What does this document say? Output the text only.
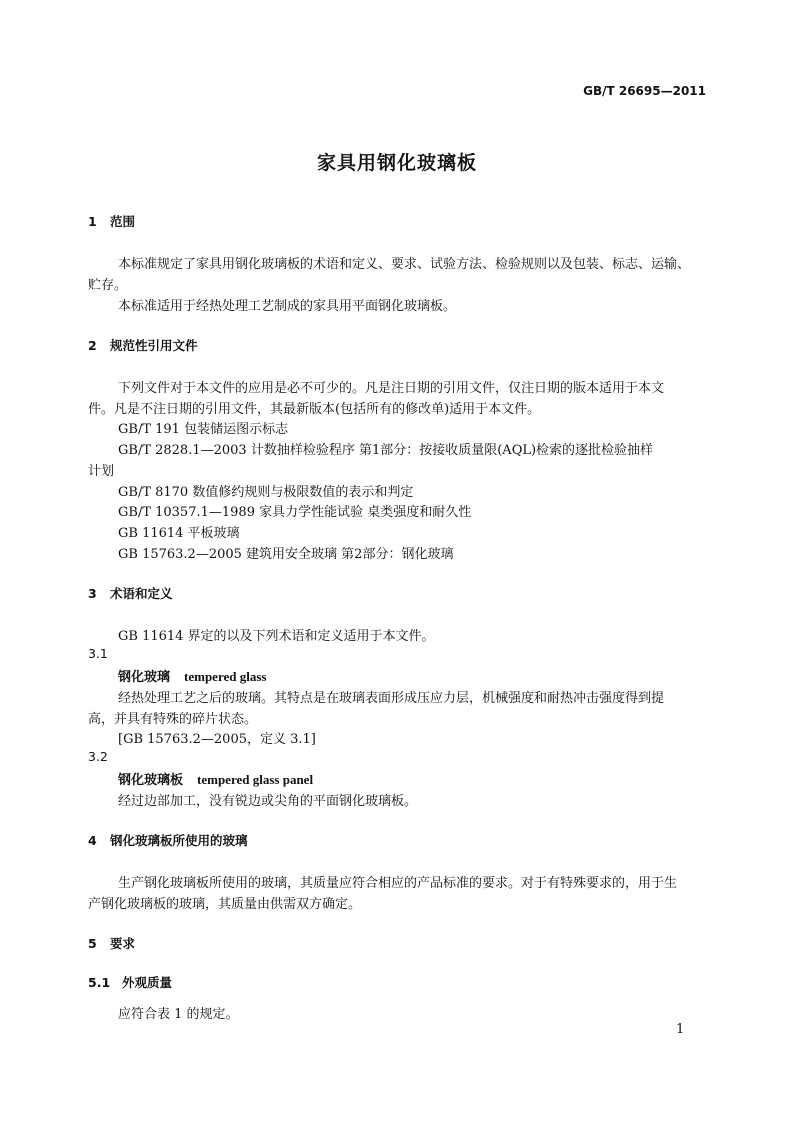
GB/T 26695—2011
家具用钢化玻璃板
1 范围
本标准规定了家具用钢化玻璃板的术语和定义、要求、试验方法、检验规则以及包装、标志、运输、
贮存。
本标准适用于经热处理工艺制成的家具用平面钢化玻璃板。
2 规范性引用文件
下列文件对于本文件的应用是必不可少的。凡是注日期的引用文件，仅注日期的版本适用于本文
件。凡是不注日期的引用文件，其最新版本(包括所有的修改单)适用于本文件。
GB/T 191 包装储运图示标志
GB/T 2828.1—2003 计数抽样检验程序 第1部分：按接收质量限(AQL)检索的逐批检验抽样
计划
GB/T 8170 数值修约规则与极限数值的表示和判定
GB/T 10357.1—1989 家具力学性能试验 桌类强度和耐久性
GB 11614 平板玻璃
GB 15763.2—2005 建筑用安全玻璃 第2部分：钢化玻璃
3 术语和定义
GB 11614 界定的以及下列术语和定义适用于本文件。
3.1
钢化玻璃 tempered glass
经热处理工艺之后的玻璃。其特点是在玻璃表面形成压应力层，机械强度和耐热冲击强度得到提
高，并具有特殊的碎片状态。
[GB 15763.2—2005，定义 3.1]
3.2
钢化玻璃板 tempered glass panel
经过边部加工，没有锐边或尖角的平面钢化玻璃板。
4 钢化玻璃板所使用的玻璃
生产钢化玻璃板所使用的玻璃，其质量应符合相应的产品标准的要求。对于有特殊要求的，用于生
产钢化玻璃板的玻璃，其质量由供需双方确定。
5 要求
5.1 外观质量
应符合表 1 的规定。
1
